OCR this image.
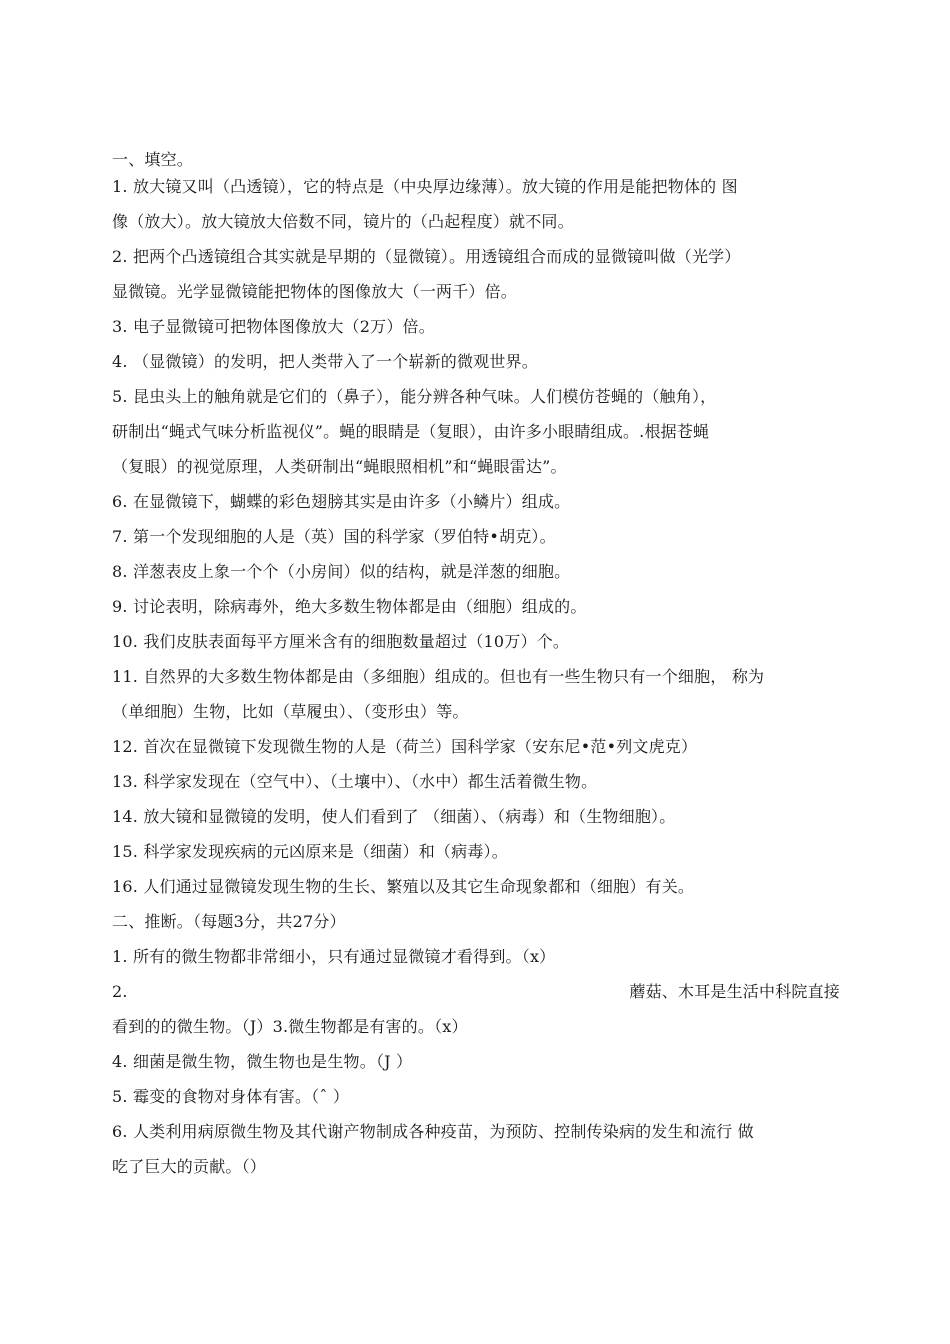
一、填空。
1. 放大镜又叫（凸透镜），它的特点是（中央厚边缘薄）。放大镜的作用是能把物体的 图
像（放大）。放大镜放大倍数不同，镜片的（凸起程度）就不同。
2. 把两个凸透镜组合其实就是早期的（显微镜）。用透镜组合而成的显微镜叫做（光学）
显微镜。光学显微镜能把物体的图像放大（一两千）倍。
3. 电子显微镜可把物体图像放大（2万）倍。
4. （显微镜）的发明，把人类带入了一个崭新的微观世界。
5. 昆虫头上的触角就是它们的（鼻子），能分辨各种气味。人们模仿苍蝇的（触角），
研制出“蝇式气味分析监视仪”。蝇的眼睛是（复眼），由许多小眼睛组成。.根据苍蝇
（复眼）的视觉原理，人类研制出“蝇眼照相机”和“蝇眼雷达”。
6. 在显微镜下，蝴蝶的彩色翅膀其实是由许多（小鳞片）组成。
7. 第一个发现细胞的人是（英）国的科学家（罗伯特•胡克）。
8. 洋葱表皮上象一个个（小房间）似的结构，就是洋葱的细胞。
9. 讨论表明，除病毒外，绝大多数生物体都是由（细胞）组成的。
10. 我们皮肤表面每平方厘米含有的细胞数量超过（10万）个。
11. 自然界的大多数生物体都是由（多细胞）组成的。但也有一些生物只有一个细胞， 称为
（单细胞）生物，比如（草履虫）、（变形虫）等。
12. 首次在显微镜下发现微生物的人是（荷兰）国科学家（安东尼•范•列文虎克）
13. 科学家发现在（空气中）、（土壤中）、（水中）都生活着微生物。
14. 放大镜和显微镜的发明，使人们看到了 （细菌）、（病毒）和（生物细胞）。
15. 科学家发现疾病的元凶原来是（细菌）和（病毒）。
16. 人们通过显微镜发现生物的生长、繁殖以及其它生命现象都和（细胞）有关。
二、推断。（每题3分，共27分）
1. 所有的微生物都非常细小，只有通过显微镜才看得到。（x）
2.	蘑菇、木耳是生活中科院直接
看到的的微生物。（J）3.微生物都是有害的。（x）
4. 细菌是微生物，微生物也是生物。（J ）
5. 霉变的食物对身体有害。（ˆ ）
6. 人类利用病原微生物及其代谢产物制成各种疫苗，为预防、控制传染病的发生和流行 做
吃了巨大的贡献。（）
